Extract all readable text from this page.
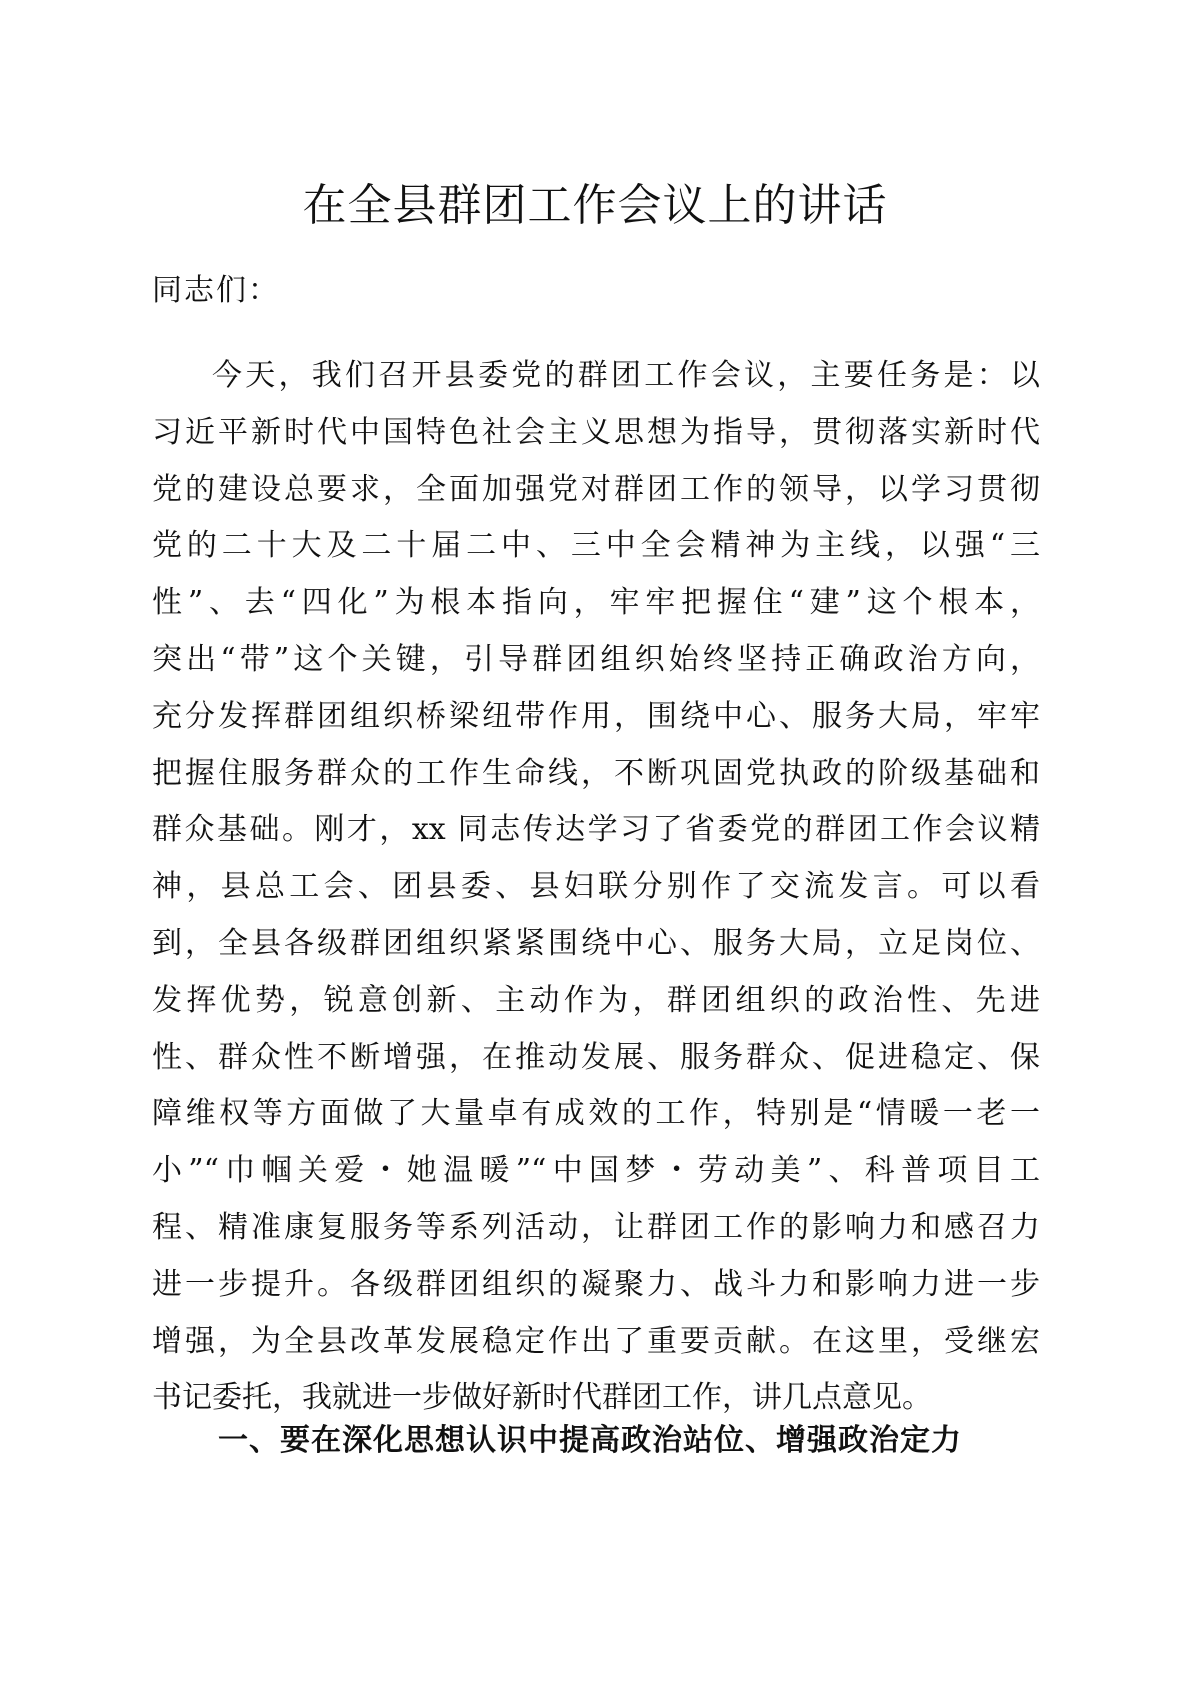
在全县群团工作会议上的讲话

同志们：

今天，我们召开县委党的群团工作会议，主要任务是：以
习近平新时代中国特色社会主义思想为指导，贯彻落实新时代
党的建设总要求，全面加强党对群团工作的领导，以学习贯彻
党的二十大及二十届二中、三中全会精神为主线，以强“三
性”、去“四化”为根本指向，牢牢把握住“建”这个根本，
突出“带”这个关键，引导群团组织始终坚持正确政治方向，
充分发挥群团组织桥梁纽带作用，围绕中心、服务大局，牢牢
把握住服务群众的工作生命线，不断巩固党执政的阶级基础和
群众基础。刚才，xx 同志传达学习了省委党的群团工作会议精
神，县总工会、团县委、县妇联分别作了交流发言。可以看
到，全县各级群团组织紧紧围绕中心、服务大局，立足岗位、
发挥优势，锐意创新、主动作为，群团组织的政治性、先进
性、群众性不断增强，在推动发展、服务群众、促进稳定、保
障维权等方面做了大量卓有成效的工作，特别是“情暖一老一
小”“巾帼关爱・她温暖”“中国梦・劳动美”、科普项目工
程、精准康复服务等系列活动，让群团工作的影响力和感召力
进一步提升。各级群团组织的凝聚力、战斗力和影响力进一步
增强，为全县改革发展稳定作出了重要贡献。在这里，受继宏
书记委托，我就进一步做好新时代群团工作，讲几点意见。
一、要在深化思想认识中提高政治站位、增强政治定力
